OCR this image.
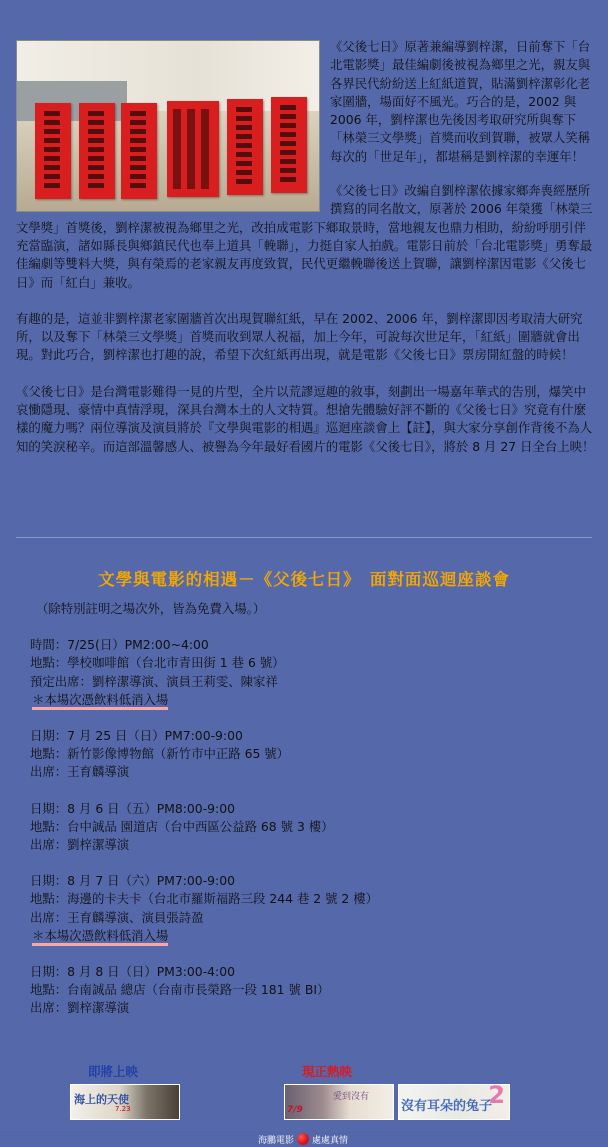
《父後七日》原著兼編導劉梓潔，日前奪下「台北電影獎」最佳編劇後被視為鄉里之光，親友與各界民代紛紛送上紅紙道賀，貼滿劉梓潔彰化老家圍牆，場面好不風光。巧合的是，2002 與 2006 年，劉梓潔也先後因考取研究所與奪下「林榮三文學獎」首獎而收到賀聯，被眾人笑稱每次的「世足年」，都堪稱是劉梓潔的幸運年！

《父後七日》改編自劉梓潔依據家鄉奔喪經歷所撰寫的同名散文，原著於 2006 年榮獲「林榮三文學獎」首獎後，劉梓潔被視為鄉里之光，改拍成電影下鄉取景時，當地親友也鼎力相助，紛紛呼朋引伴充當臨演，諸如縣長與鄉鎮民代也奉上道具「輓聯」，力挺自家人拍戲。電影日前於「台北電影獎」勇奪最佳編劇等雙料大獎，與有榮焉的老家親友再度致賀，民代更繼輓聯後送上賀聯，讓劉梓潔因電影《父後七日》而「紅白」兼收。

有趣的是，這並非劉梓潔老家圍牆首次出現賀聯紅紙，早在 2002、2006 年，劉梓潔即因考取清大研究所，以及奪下「林榮三文學獎」首獎而收到眾人祝福，加上今年，可說每次世足年，「紅紙」圍牆就會出現。對此巧合，劉梓潔也打趣的說，希望下次紅紙再出現，就是電影《父後七日》票房開紅盤的時候！

《父後七日》是台灣電影難得一見的片型，全片以荒謬逗趣的敘事，刻劃出一場嘉年華式的告別，爆笑中哀慟隱現、豪情中真情浮現，深具台灣本土的人文特質。想搶先體驗好評不斷的《父後七日》究竟有什麼樣的魔力嗎？兩位導演及演員將於『文學與電影的相遇』巡迴座談會上【註】，與大家分享創作背後不為人知的笑淚秘辛。而這部溫馨感人、被譽為今年最好看國片的電影《父後七日》，將於 8 月 27 日全台上映！

文學與電影的相遇－《父後七日》　面對面巡迴座談會
（除特別註明之場次外，皆為免費入場。）
時間：7/25(日）PM2:00~4:00
地點：學校咖啡館（台北市青田街 1 巷 6 號）
預定出席：劉梓潔導演、演員王莉雯、陳家祥
＊本場次憑飲料低消入場
日期：7 月 25 日（日）PM7:00-9:00
地點：新竹影像博物館（新竹市中正路 65 號）
出席：王育麟導演
日期：8 月 6 日（五）PM8:00-9:00
地點：台中誠品 園道店（台中西區公益路 68 號 3 樓）
出席：劉梓潔導演
日期：8 月 7 日（六）PM7:00-9:00
地點：海邊的卡夫卡（台北市羅斯福路三段 244 巷 2 號 2 樓）
出席：王育麟導演、演員張詩盈
＊本場次憑飲料低消入場
日期：8 月 8 日（日）PM3:00-4:00
地點：台南誠品 總店（台南市長榮路一段 181 號 BI）
出席：劉梓潔導演
即將上映	現正熱映
海上的天使
7.23
愛到沒有
7/9	沒有耳朵的兔子
2
海鵬電影 處處真情
